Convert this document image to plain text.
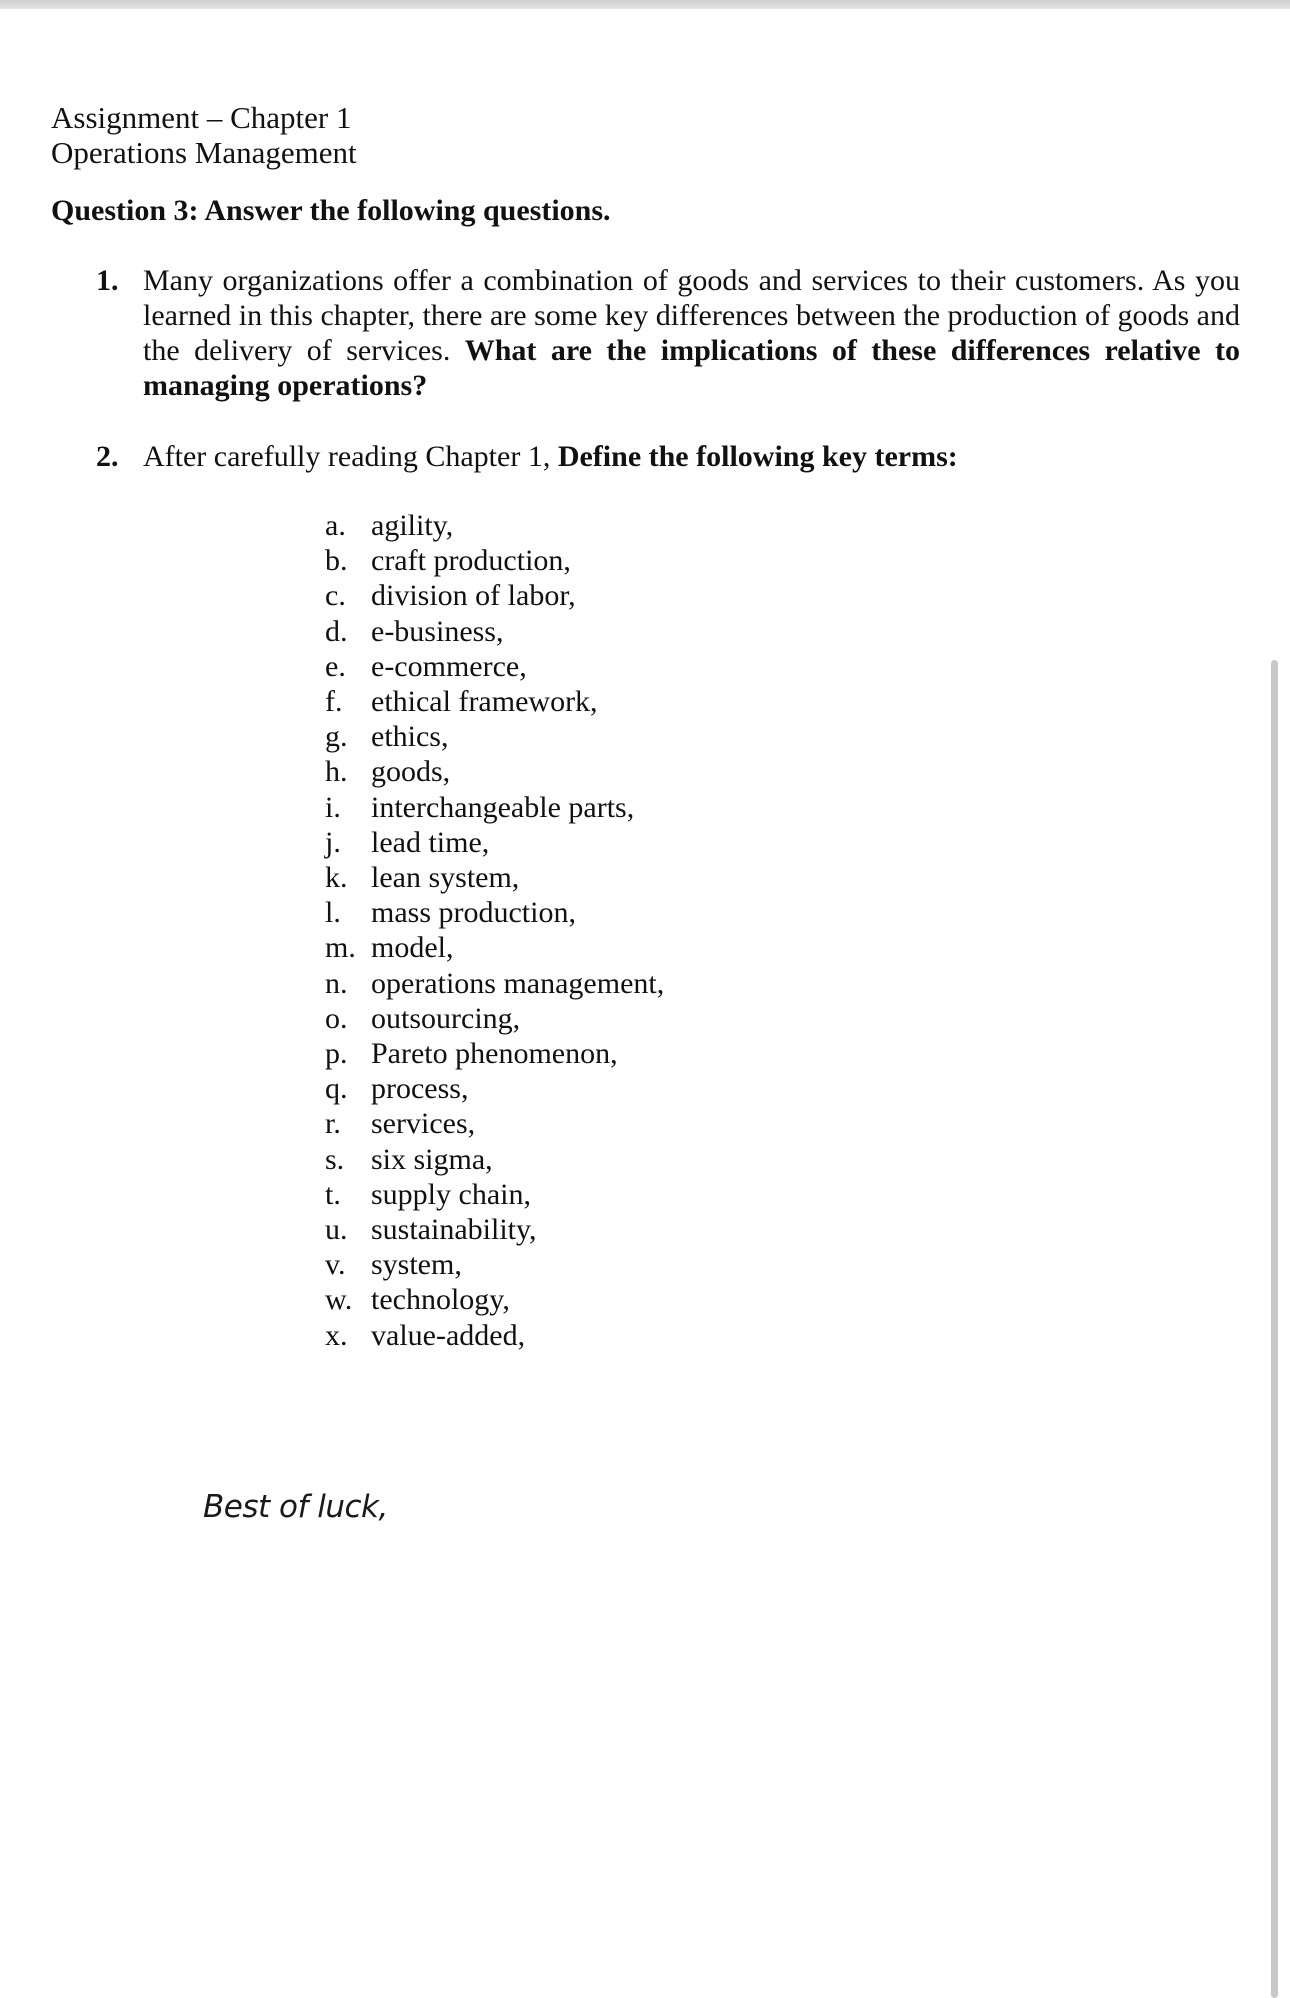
Assignment – Chapter 1
Operations Management
Question 3: Answer the following questions.
1. Many organizations offer a combination of goods and services to their customers. As you learned in this chapter, there are some key differences between the production of goods and the delivery of services. What are the implications of these differences relative to managing operations?
2. After carefully reading Chapter 1, Define the following key terms:
a. agility,
b. craft production,
c. division of labor,
d. e-business,
e. e-commerce,
f. ethical framework,
g. ethics,
h. goods,
i.	interchangeable parts,
j.	lead time,
k. lean system,
l.	mass production,
m. model,
n. operations management,
o. outsourcing,
p. Pareto phenomenon,
q. process,
r.	services,
s. six sigma,
t.	supply chain,
u. sustainability,
v. system,
w. technology,
x. value-added,
Best of luck,
